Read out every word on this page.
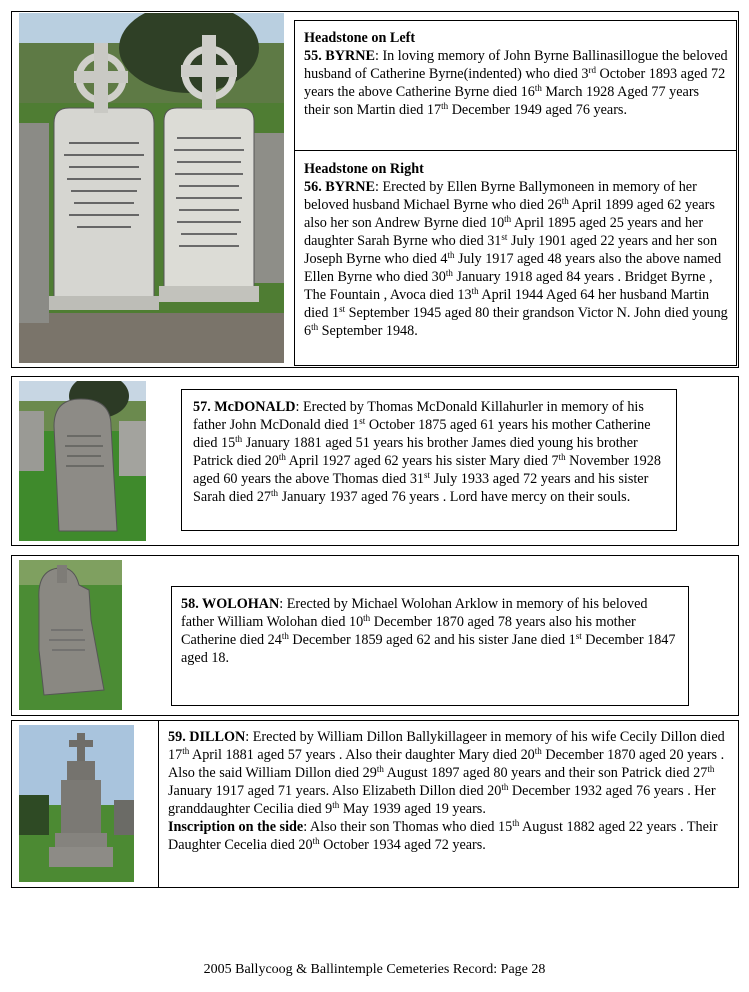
Headstone on Left
55. BYRNE: In loving memory of John Byrne Ballinasillogue the beloved husband of Catherine Byrne(indented) who died 3rd October 1893 aged 72 years the above Catherine Byrne died 16th March 1928 Aged 77 years their son Martin died 17th December 1949 aged 76 years.
Headstone on Right
56. BYRNE: Erected by Ellen Byrne Ballymoneen in memory of her beloved husband Michael Byrne who died 26th April 1899 aged 62 years also her son Andrew Byrne died 10th April 1895 aged 25 years and her daughter Sarah Byrne who died 31st July 1901 aged 22 years and her son Joseph Byrne who died 4th July 1917 aged 48 years also the above named Ellen Byrne who died 30th January 1918 aged 84 years . Bridget Byrne , The Fountain , Avoca died 13th April 1944 Aged 64 her husband Martin died 1st September 1945 aged 80 their grandson Victor N. John died young 6th September 1948.
57. McDONALD: Erected by Thomas McDonald Killahurler in memory of his father John McDonald died 1st October 1875 aged 61 years his mother Catherine died 15th January 1881 aged 51 years his brother James died young his brother Patrick died 20th April 1927 aged 62 years his sister Mary died 7th November 1928 aged 60 years the above Thomas died 31st July 1933 aged 72 years and his sister Sarah died 27th January 1937 aged 76 years . Lord have mercy on their souls.
58. WOLOHAN: Erected by Michael Wolohan Arklow in memory of his beloved father William Wolohan died 10th December 1870 aged 78 years also his mother Catherine died 24th December 1859 aged 62 and his sister Jane died 1st December 1847 aged 18.
59. DILLON: Erected by William Dillon Ballykillageer in memory of his wife Cecily Dillon died 17th April 1881 aged 57 years . Also their daughter Mary died 20th December 1870 aged 20 years . Also the said William Dillon died 29th August 1897 aged 80 years and their son Patrick died 27th January 1917 aged 71 years. Also Elizabeth Dillon died 20th December 1932 aged 76 years . Her granddaughter Cecilia died 9th May 1939 aged 19 years.
Inscription on the side: Also their son Thomas who died 15th August 1882 aged 22 years . Their Daughter Cecelia died 20th October 1934 aged 72 years.
2005 Ballycoog & Ballintemple Cemeteries Record: Page 28
